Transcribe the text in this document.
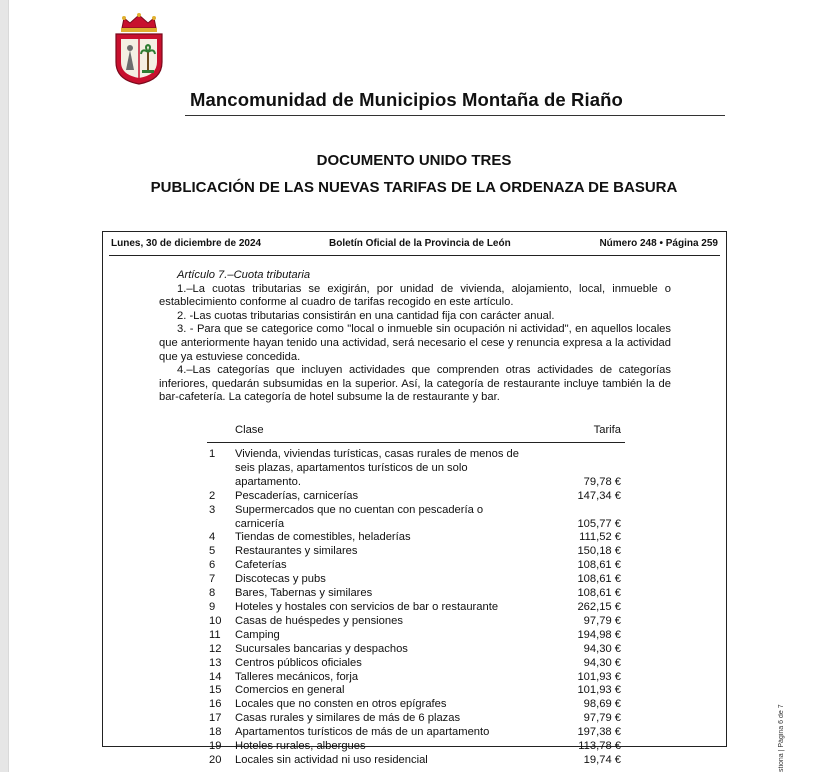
Mancomunidad de Municipios Montaña de Riaño
DOCUMENTO UNIDO TRES
PUBLICACIÓN DE LAS NUEVAS TARIFAS DE LA ORDENAZA DE BASURA
Lunes, 30 de diciembre de 2024	Boletín Oficial de la Provincia de León	Número 248 • Página 259

Artículo 7.–Cuota tributaria

1.–La cuotas tributarias se exigirán, por unidad de vivienda, alojamiento, local, inmueble o establecimiento conforme al cuadro de tarifas recogido en este artículo.

2. -Las cuotas tributarias consistirán en una cantidad fija con carácter anual.

3. - Para que se categorice como "local o inmueble sin ocupación ni actividad", en aquellos locales que anteriormente hayan tenido una actividad, será necesario el cese y renuncia expresa a la actividad que ya estuviese concedida.

4.–Las categorías que incluyen actividades que comprenden otras actividades de categorías inferiores, quedarán subsumidas en la superior. Así, la categoría de restaurante incluye también la de bar-cafetería. La categoría de hotel subsume la de restaurante y bar.

Clase	Tarifa
1	Vivienda, viviendas turísticas, casas rurales de menos de seis plazas, apartamentos turísticos de un solo apartamento.	79,78 €
2	Pescaderías, carnicerías	147,34 €
3	Supermercados que no cuentan con pescadería o carnicería	105,77 €
4	Tiendas de comestibles, heladerías	111,52 €
5	Restaurantes y similares	150,18 €
6	Cafeterías	108,61 €
7	Discotecas y pubs	108,61 €
8	Bares, Tabernas y similares	108,61 €
9	Hoteles y hostales con servicios de bar o restaurante	262,15 €
10	Casas de huéspedes y pensiones	97,79 €
11	Camping	194,98 €
12	Sucursales bancarias y despachos	94,30 €
13	Centros públicos oficiales	94,30 €
14	Talleres mecánicos, forja	101,93 €
15	Comercios en general	101,93 €
16	Locales que no consten en otros epígrafes	98,69 €
17	Casas rurales y similares de más de 6 plazas	97,79 €
18	Apartamentos turísticos de más de un apartamento	197,38 €
19	Hoteles rurales, albergues	113,78 €
20	Locales sin actividad ni uso residencial	19,74 €	stiona | Página 6 de 7
